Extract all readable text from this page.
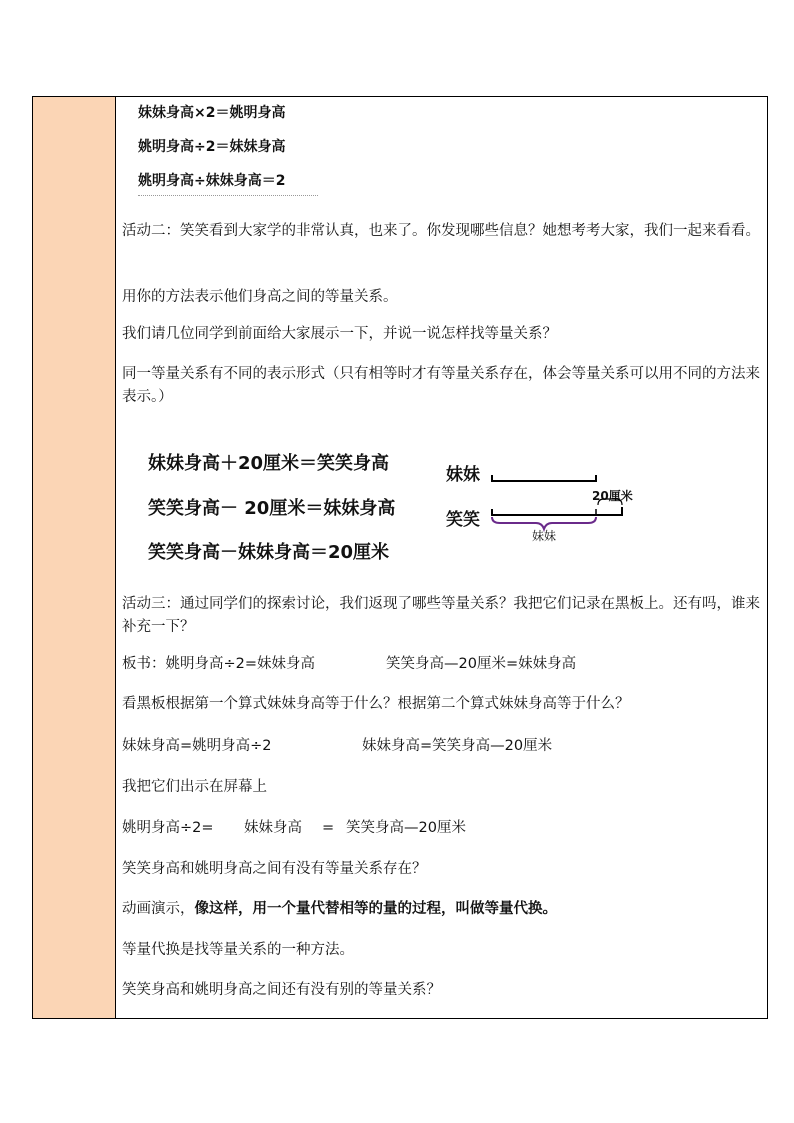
妹妹身高×2＝姚明身高
姚明身高÷2＝妹妹身高
姚明身高÷妹妹身高＝2
活动二：笑笑看到大家学的非常认真，也来了。你发现哪些信息？她想考考大家，我们一起来看看。
用你的方法表示他们身高之间的等量关系。
我们请几位同学到前面给大家展示一下，并说一说怎样找等量关系？
同一等量关系有不同的表示形式（只有相等时才有等量关系存在，体会等量关系可以用不同的方法来表示。）
妹妹身高＋20厘米＝笑笑身高
笑笑身高－ 20厘米＝妹妹身高
笑笑身高－妹妹身高＝20厘米
妹妹
笑笑
20厘米
妹妹
活动三：通过同学们的探索讨论，我们返现了哪些等量关系？我把它们记录在黑板上。还有吗，谁来补充一下？
板书：姚明身高÷2=妹妹身高	笑笑身高—20厘米=妹妹身高
看黑板根据第一个算式妹妹身高等于什么？根据第二个算式妹妹身高等于什么？
妹妹身高=姚明身高÷2	妹妹身高=笑笑身高—20厘米
我把它们出示在屏幕上
姚明身高÷2= 妹妹身高 = 笑笑身高—20厘米
笑笑身高和姚明身高之间有没有等量关系存在？
动画演示，像这样，用一个量代替相等的量的过程，叫做等量代换。
等量代换是找等量关系的一种方法。
笑笑身高和姚明身高之间还有没有别的等量关系？
